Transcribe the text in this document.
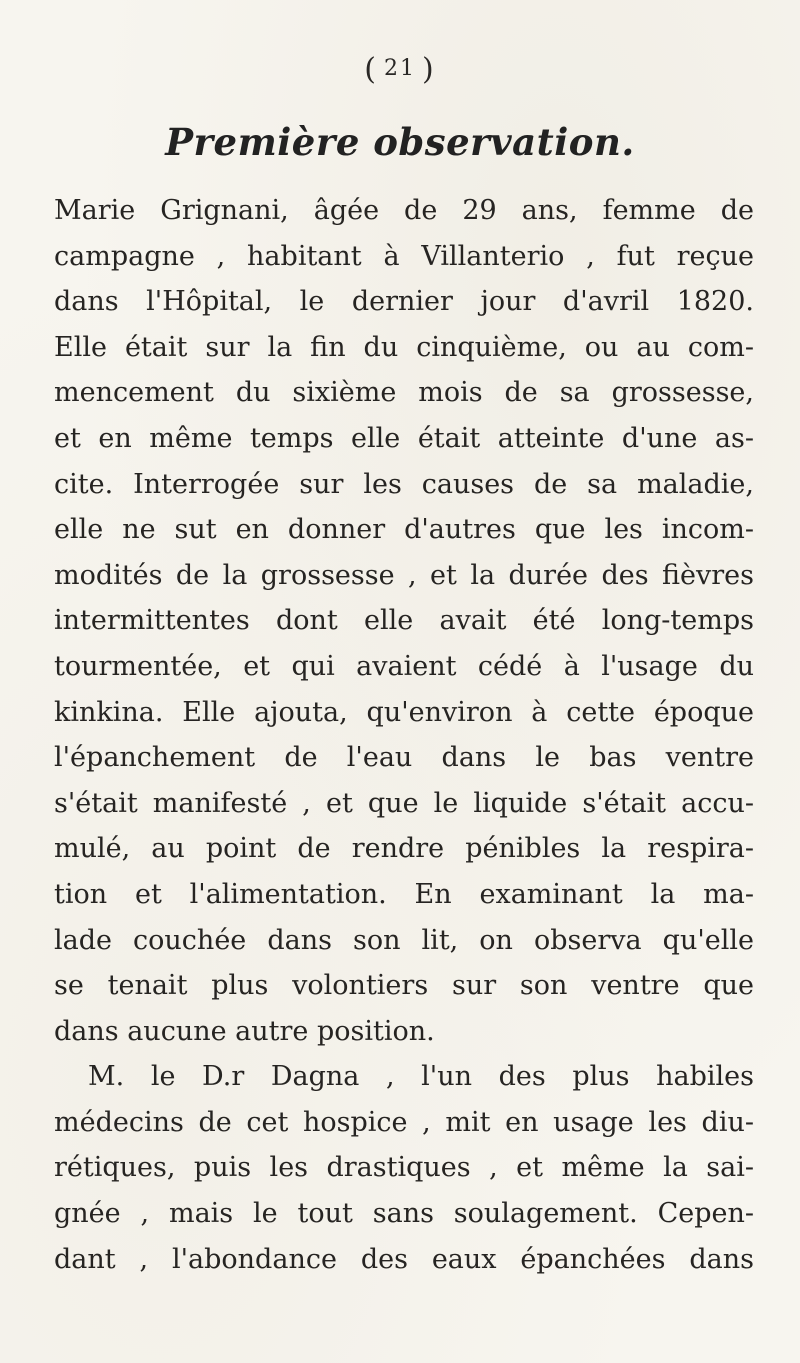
( 21 )
Première observation.
Marie Grignani, âgée de 29 ans, femme de
campagne , habitant à Villanterio , fut reçue
dans l'Hôpital, le dernier jour d'avril 1820.
Elle était sur la fin du cinquième, ou au com-
mencement du sixième mois de sa grossesse,
et en même temps elle était atteinte d'une as-
cite. Interrogée sur les causes de sa maladie,
elle ne sut en donner d'autres que les incom-
modités de la grossesse , et la durée des fièvres
intermittentes dont elle avait été long-temps
tourmentée, et qui avaient cédé à l'usage du
kinkina. Elle ajouta, qu'environ à cette époque
l'épanchement de l'eau dans le bas ventre
s'était manifesté , et que le liquide s'était accu-
mulé, au point de rendre pénibles la respira-
tion et l'alimentation. En examinant la ma-
lade couchée dans son lit, on observa qu'elle
se tenait plus volontiers sur son ventre que
dans aucune autre position.
M. le D.r Dagna , l'un des plus habiles
médecins de cet hospice , mit en usage les diu-
rétiques, puis les drastiques , et même la sai-
gnée , mais le tout sans soulagement. Cepen-
dant , l'abondance des eaux épanchées dans
